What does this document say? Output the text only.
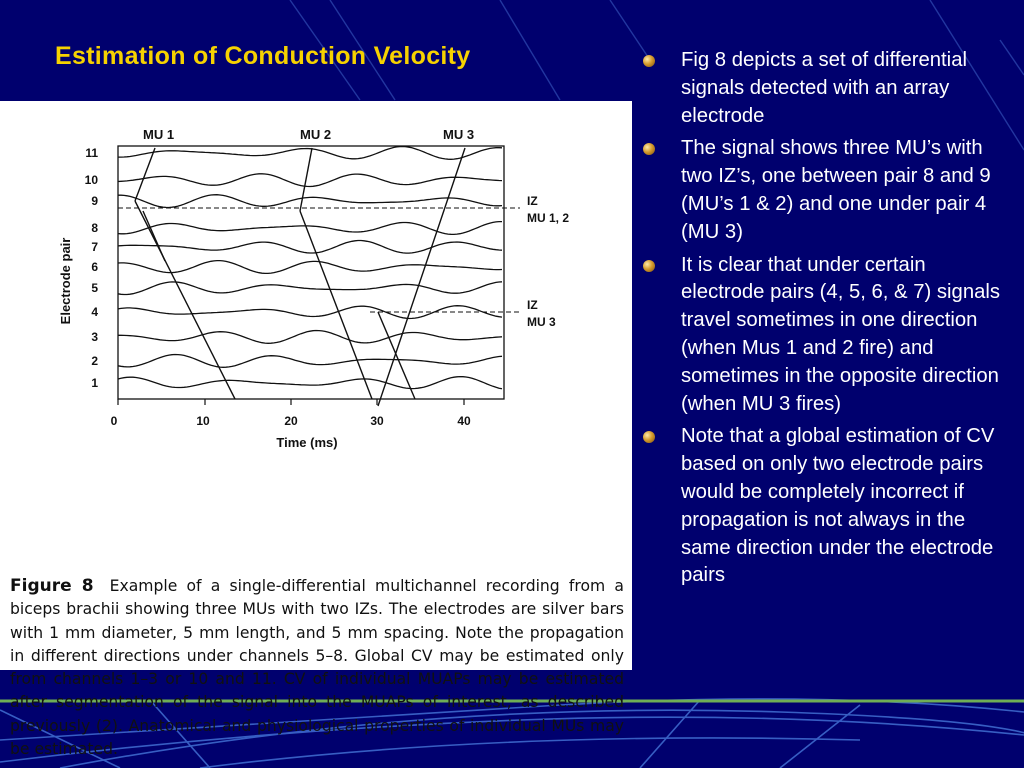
Estimation of Conduction Velocity
MU 1	MU 2	MU 3
IZ
MU 1, 2
IZ
MU 3
11
10
9
8
7
6
5
4
3
2
1
Electrode pair
0	10	20	30	40
Time (ms)

Figure 8 Example of a single-differential multichannel recording from a biceps brachii showing three MUs with two IZs. The electrodes are silver bars with 1 mm diameter, 5 mm length, and 5 mm spacing. Note the propagation in different directions under channels 5–8. Global CV may be estimated only from channels 1–3 or 10 and 11. CV of individual MUAPs may be estimated after segmentation of the signal into the MUAPs of interest, as described previously (2). Anatomical and physiological properties of individual MUs may be estimated.

Fig 8 depicts a set of differential signals detected with an array electrode
The signal shows three MU’s with two IZ’s, one between pair 8 and 9 (MU’s 1 & 2) and one under pair 4 (MU 3)
It is clear that under certain electrode pairs (4, 5, 6, & 7) signals travel sometimes in one direction (when Mus 1 and 2 fire) and sometimes in the opposite direction (when MU 3 fires)
Note that a global estimation of CV based on only two electrode pairs would be completely incorrect if propagation is not always in the same direction under the electrode pairs
